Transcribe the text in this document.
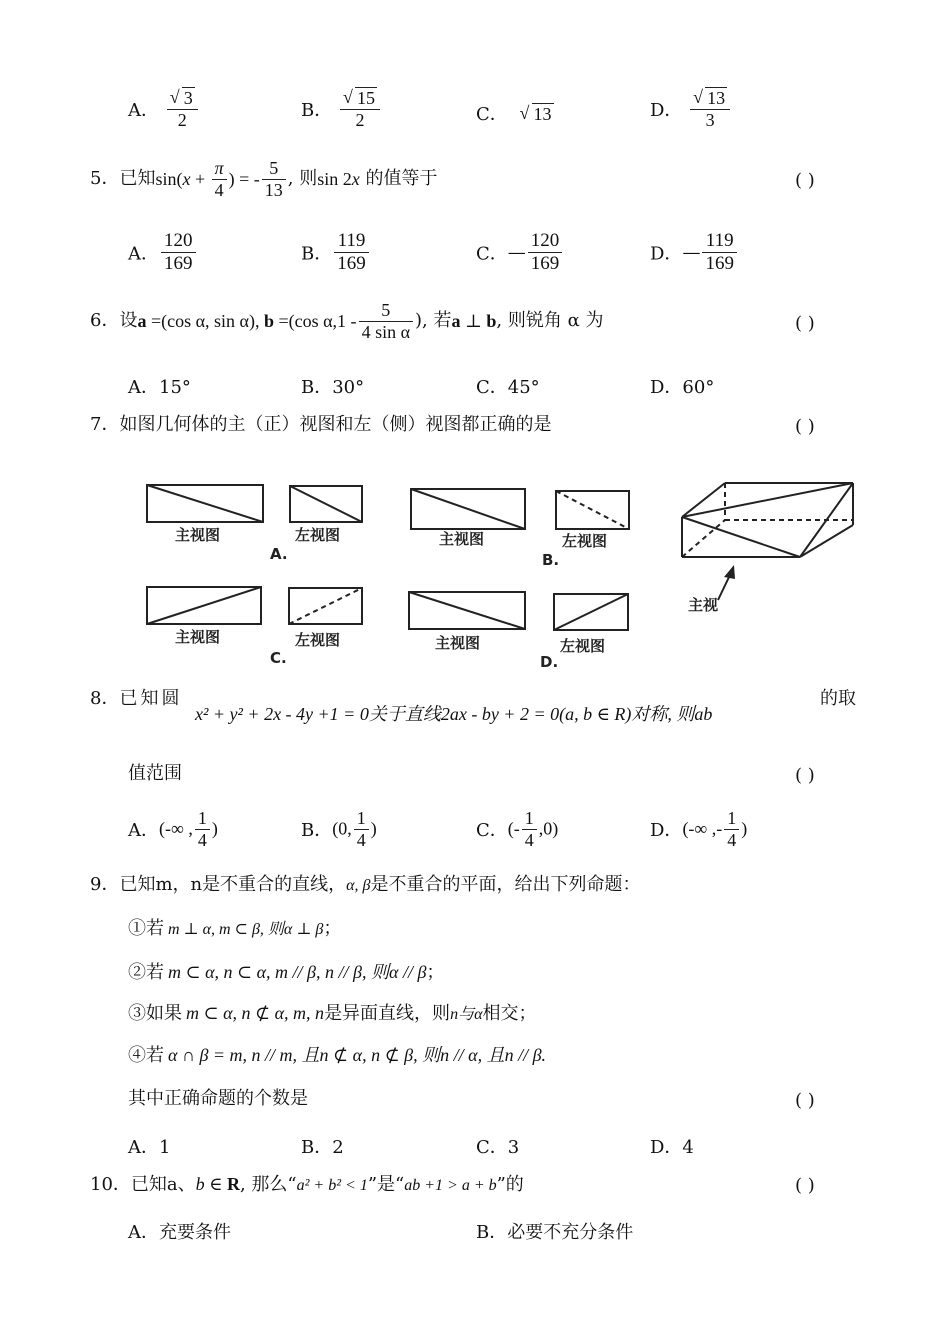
A． √ $\frac{3}{2}$	B． √ $\frac{15}{2}$	C． √ 13	D． √ $\frac{13}{3}$
5．已知$\sin(x + \frac{\pi}{4}$ ) = - $\frac{5}{13}$ , 则sin 2x 的值等于	( )
A． $\frac{120}{169}$	B． $\frac{119}{169}$	C．— $\frac{120}{169}$	D．— $\frac{119}{169}$
6．设a =(cos α, sin α), b =(cos $\alpha,1 - \frac{5}{\text{4 sin α}}$ ), 若a ⊥ b, 则锐角 α 为	( )
A．15°	B．30°	C．45°	D．60°
7．如图几何体的主（正）视图和左（侧）视图都正确的是	( )
主视图	左视图
A.
主视图	左视图
B.
主视图	左视图
C.
主视图	左视图
D.
主视
8．已知圆
x² + y² + 2x - 4y +1 = 0关于直线2ax - by + 2 = 0(a, b ∈ R)对称, 则ab
的取
值范围	( )
A．(-∞ , $\frac{1}{4}$ )	B．(0, $\frac{1}{4}$ )	C．(- $\frac{1}{4} ,0$)	D．(-∞ ,- $\frac{1}{4}$ )
9．已知m，n是不重合的直线，α, β是不重合的平面，给出下列命题：
①若 m ⊥ α, m ⊂ β, 则α ⊥ β；
②若 m ⊂ α, n ⊂ α, m // β, n // β, 则α // β；
③如果 m ⊂ α, n ⊄ α, m, n是异面直线，则n与α相交；
④若 α ∩ β = m, n // m, 且n ⊄ α, n ⊄ β, 则n // α, 且n // β.
其中正确命题的个数是	( )
A．1	B．2	C．3	D．4
10．已知a、b ∈ R, 那么“a² + b² < 1”是“ab +1 > a + b”的	( )
A．充要条件	B．必要不充分条件
